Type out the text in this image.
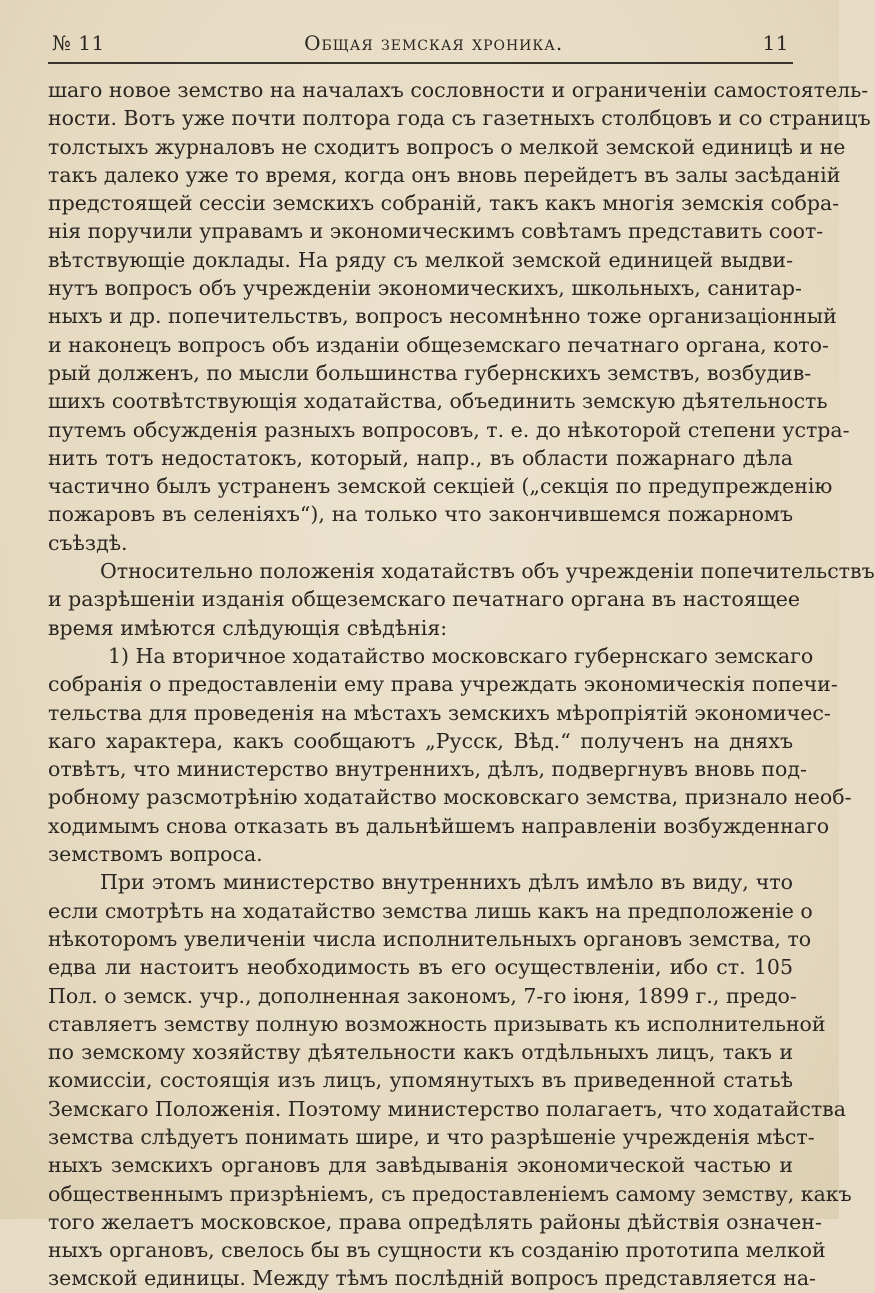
№ 11	Общая земская хроника.	11
шаго новое земство на началахъ сословности и ограниченіи самостоятель-
ности. Вотъ уже почти полтора года съ газетныхъ столбцовъ и со страницъ
толстыхъ журналовъ не сходитъ вопросъ о мелкой земской единицѣ и не
такъ далеко уже то время, когда онъ вновь перейдетъ въ залы засѣданій
предстоящей сессіи земскихъ собраній, такъ какъ многія земскія собра-
нія поручили управамъ и экономическимъ совѣтамъ представить соот-
вѣтствующіе доклады. На ряду съ мелкой земской единицей выдви-
нутъ вопросъ объ учрежденіи экономическихъ, школьныхъ, санитар-
ныхъ и др. попечительствъ, вопросъ несомнѣнно тоже организаціонный
и наконецъ вопросъ объ изданіи общеземскаго печатнаго органа, кото-
рый долженъ, по мысли большинства губернскихъ земствъ, возбудив-
шихъ соотвѣтствующія ходатайства, объединить земскую дѣятельность
путемъ обсужденія разныхъ вопросовъ, т. е. до нѣкоторой степени устра-
нить тотъ недостатокъ, который, напр., въ области пожарнаго дѣла
частично былъ устраненъ земской секціей („секція по предупрежденію
пожаровъ въ селеніяхъ“), на только что закончившемся пожарномъ
съѣздѣ.
Относительно положенія ходатайствъ объ учрежденіи попечительствъ
и разрѣшеніи изданія общеземскаго печатнаго органа въ настоящее
время имѣются слѣдующія свѣдѣнія:
1) На вторичное ходатайство московскаго губернскаго земскаго
собранія о предоставленіи ему права учреждать экономическія попечи-
тельства для проведенія на мѣстахъ земскихъ мѣропріятій экономичес-
каго характера, какъ сообщаютъ „Русск, Вѣд.“ полученъ на дняхъ
отвѣтъ, что министерство внутреннихъ, дѣлъ, подвергнувъ вновь под-
робному разсмотрѣнію ходатайство московскаго земства, признало необ-
ходимымъ снова отказать въ дальнѣйшемъ направленіи возбужденнаго
земствомъ вопроса.
При этомъ министерство внутреннихъ дѣлъ имѣло въ виду, что
если смотрѣть на ходатайство земства лишь какъ на предположеніе о
нѣкоторомъ увеличеніи числа исполнительныхъ органовъ земства, то
едва ли настоитъ необходимость въ его осуществленіи, ибо ст. 105
Пол. о земск. учр., дополненная закономъ, 7-го іюня, 1899 г., предо-
ставляетъ земству полную возможность призывать къ исполнительной
по земскому хозяйству дѣятельности какъ отдѣльныхъ лицъ, такъ и
комиссіи, состоящія изъ лицъ, упомянутыхъ въ приведенной статьѣ
Земскаго Положенія. Поэтому министерство полагаетъ, что ходатайства
земства слѣдуетъ понимать шире, и что разрѣшеніе учрежденія мѣст-
ныхъ земскихъ органовъ для завѣдыванія экономической частью и
общественнымъ призрѣніемъ, съ предоставленіемъ самому земству, какъ
того желаетъ московское, права опредѣлять районы дѣйствія означен-
ныхъ органовъ, свелось бы въ сущности къ созданію прототипа мелкой
земской единицы. Между тѣмъ послѣдній вопросъ представляется на-
